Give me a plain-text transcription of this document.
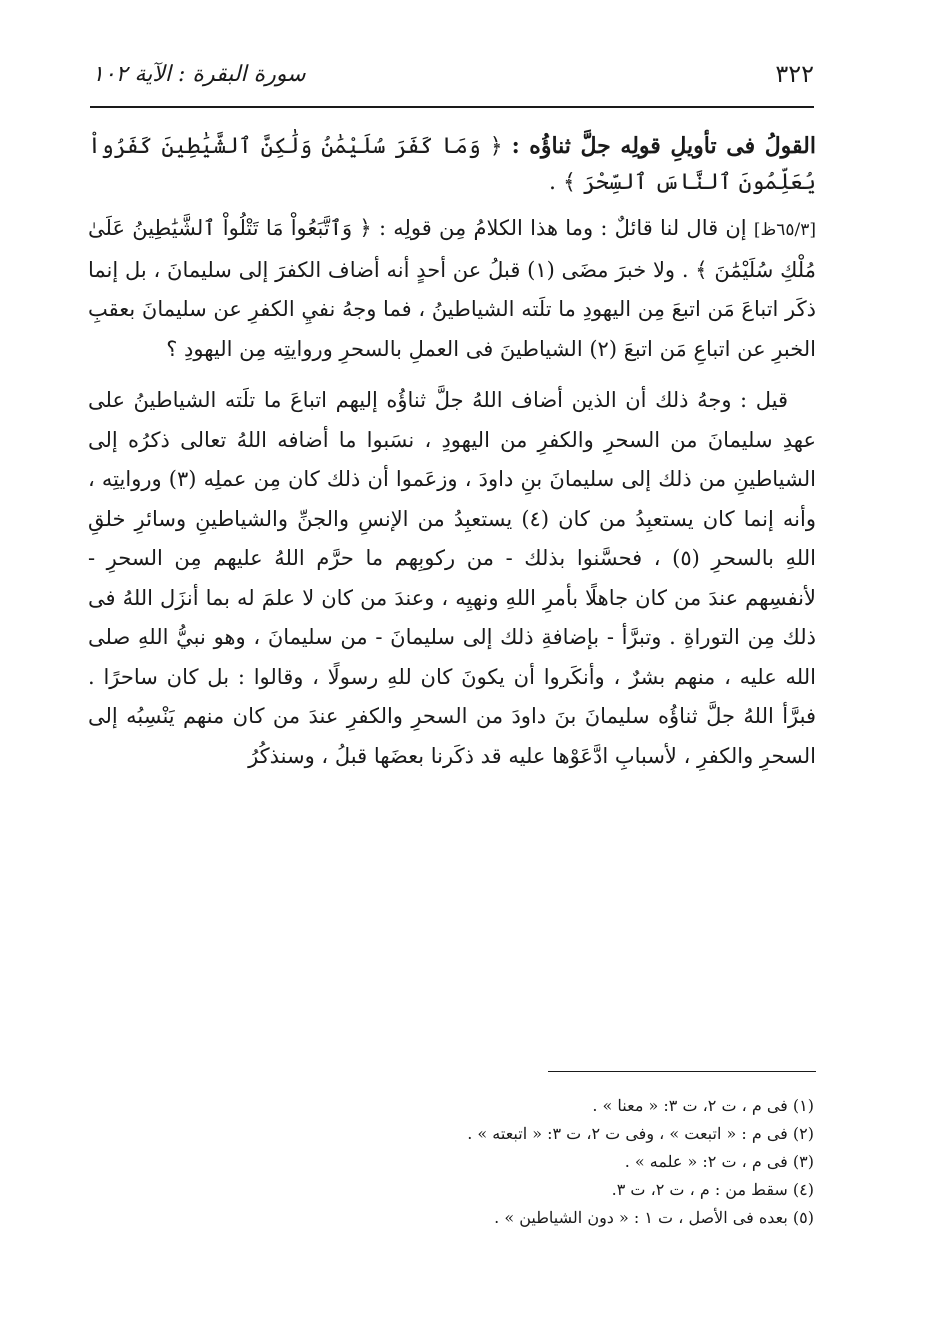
٣٢٢
سورة البقرة : الآية ١٠٢

القولُ فى تأويلِ قولِه جلَّ ثناؤُه : ﴿ وَمَا كَفَرَ سُلَيْمَٰنُ وَلَٰكِنَّ ٱلشَّيَٰطِينَ كَفَرُواْ يُعَلِّمُونَ ٱلنَّاسَ ٱلسِّحْرَ ﴾ .

[٦٥/٣ظ] إن قال لنا قائلٌ : وما هذا الكلامُ مِن قولِه : ﴿ وَٱتَّبَعُواْ مَا تَتْلُواْ ٱلشَّيَٰطِينُ عَلَىٰ مُلْكِ سُلَيْمَٰنَ ﴾ . ولا خبرَ مضَى (١) قبلُ عن أحدٍ أنه أضاف الكفرَ إلى سليمانَ ، بل إنما ذكَر اتباعَ مَن اتبعَ مِن اليهودِ ما تلَته الشياطينُ ، فما وجهُ نفيِ الكفرِ عن سليمانَ بعقبِ الخبرِ عن اتباعِ مَن اتبعَ (٢) الشياطينَ فى العملِ بالسحرِ وروايتِه مِن اليهودِ ؟

قيل : وجهُ ذلك أن الذين أضاف اللهُ جلَّ ثناؤُه إليهم اتباعَ ما تلَته الشياطينُ على عهدِ سليمانَ من السحرِ والكفرِ من اليهودِ ، نسَبوا ما أضافه اللهُ تعالى ذكرُه إلى الشياطينِ من ذلك إلى سليمانَ بنِ داودَ ، وزعَموا أن ذلك كان مِن عملِه (٣) وروايتِه ، وأنه إنما كان يستعبِدُ من كان (٤) يستعبِدُ من الإنسِ والجنِّ والشياطينِ وسائرِ خلقِ اللهِ بالسحرِ (٥) ، فحسَّنوا بذلك - من ركوبِهم ما حرَّم اللهُ عليهم مِن السحرِ - لأنفسِهم عندَ من كان جاهلًا بأمرِ اللهِ ونهيِه ، وعندَ من كان لا علمَ له بما أنزَل اللهُ فى ذلك مِن التوراةِ . وتبرَّأ - بإضافةِ ذلك إلى سليمانَ - من سليمانَ ، وهو نبيُّ اللهِ صلى الله عليه ، منهم بشرٌ ، وأنكَروا أن يكونَ كان للهِ رسولًا ، وقالوا : بل كان ساحرًا . فبرَّأ اللهُ جلَّ ثناؤُه سليمانَ بنَ داودَ من السحرِ والكفرِ عندَ من كان منهم يَنْسِبُه إلى السحرِ والكفرِ ، لأسبابِ ادَّعَوْها عليه قد ذكَرنا بعضَها قبلُ ، وسنذكُرُ

(١) فى م ، ت ٢، ت ٣: « معنا » .
(٢) فى م : « اتبعت » ، وفى ت ٢، ت ٣: « اتبعته » .
(٣) فى م ، ت ٢: « علمه » .
(٤) سقط من : م ، ت ٢، ت ٣.
(٥) بعده فى الأصل ، ت ١ : « دون الشياطين » .
